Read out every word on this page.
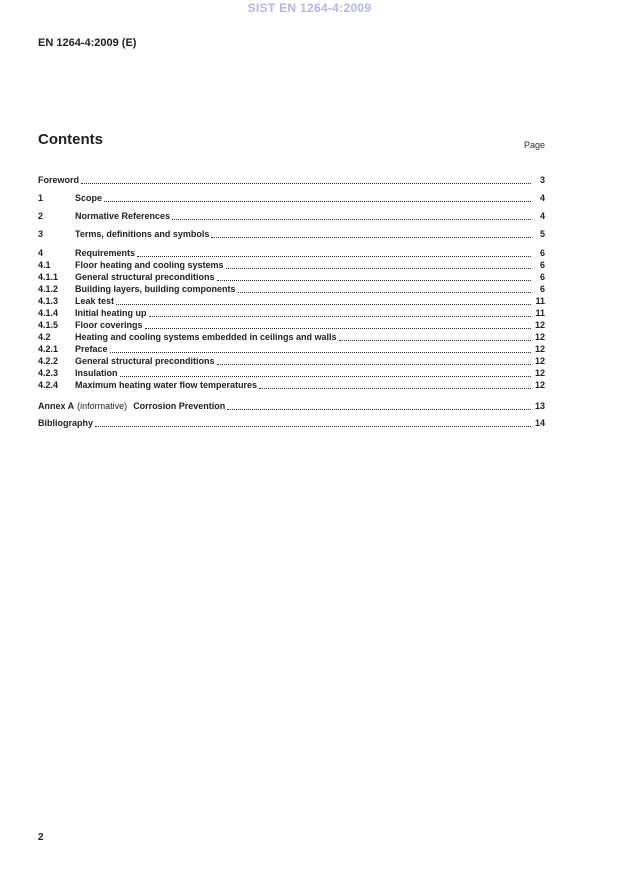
SIST EN 1264-4:2009
EN 1264-4:2009 (E)
Contents	Page
Foreword	3
1	Scope	4
2	Normative References	4
3	Terms, definitions and symbols	5
4	Requirements	6
4.1	Floor heating and cooling systems	6
4.1.1	General structural preconditions	6
4.1.2	Building layers, building components	6
4.1.3	Leak test	11
4.1.4	Initial heating up	11
4.1.5	Floor coverings	12
4.2	Heating and cooling systems embedded in ceilings and walls	12
4.2.1	Preface	12
4.2.2	General structural preconditions	12
4.2.3	Insulation	12
4.2.4	Maximum heating water flow temperatures	12
Annex A (informative) Corrosion Prevention	13
Bibliography	14
2
